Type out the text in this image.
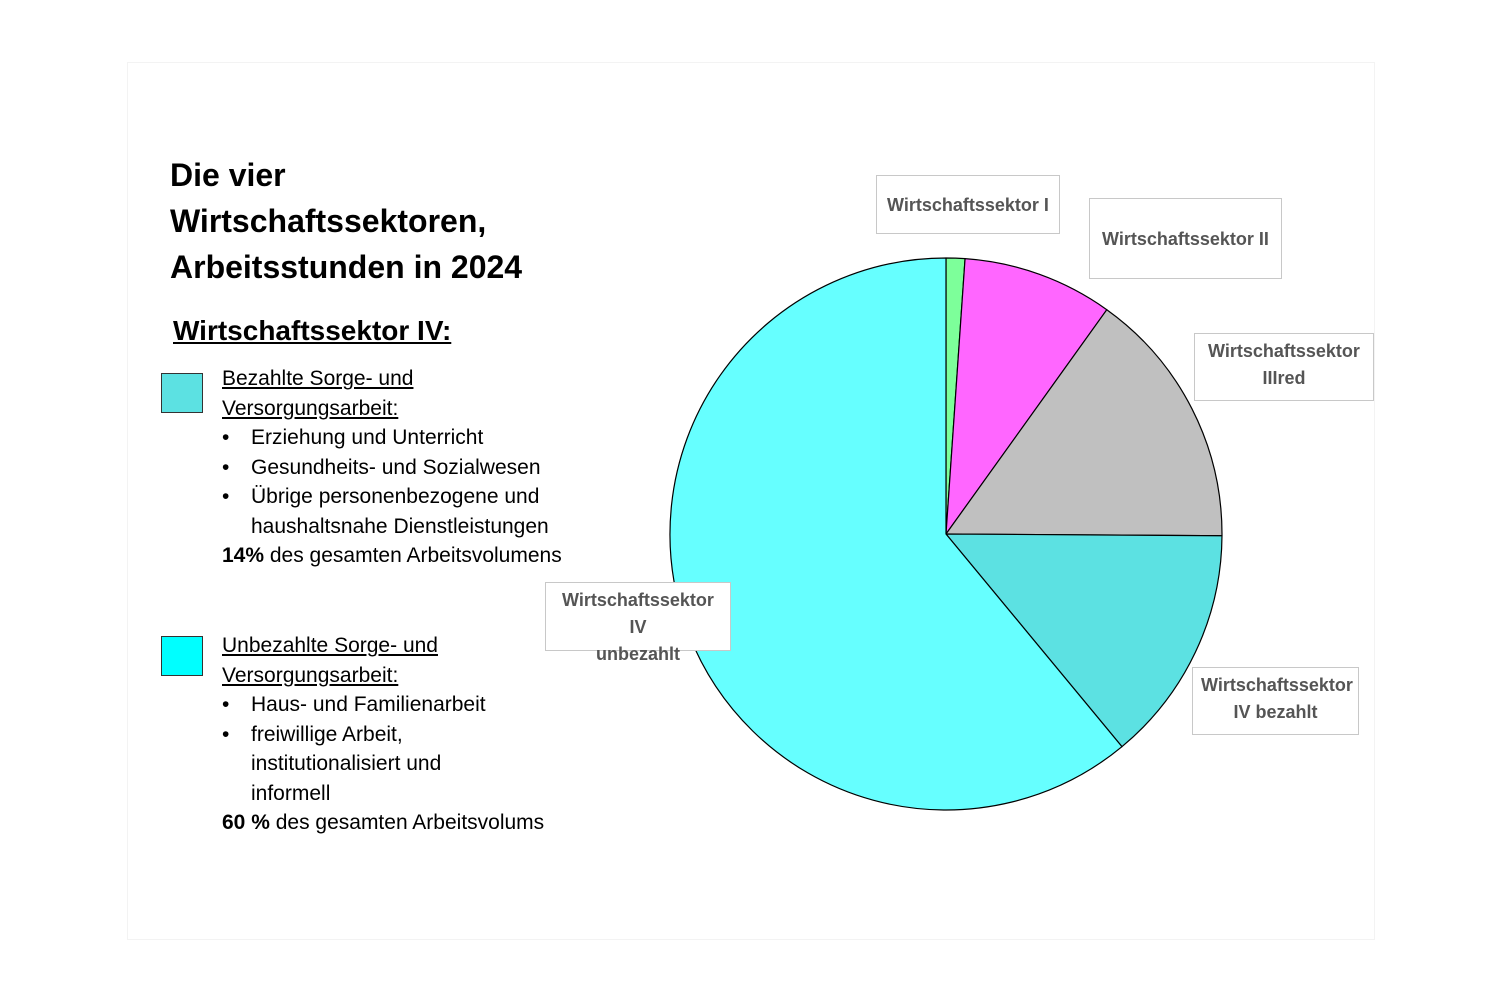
Die vier
Wirtschaftssektoren,
Arbeitsstunden in 2024
Wirtschaftssektor IV:
Bezahlte Sorge- und
Versorgungsarbeit:
• Erziehung und Unterricht
• Gesundheits- und Sozialwesen
• Übrige personenbezogene und
haushaltsnahe Dienstleistungen
14% des gesamten Arbeitsvolumens
Unbezahlte Sorge- und
Versorgungsarbeit:
• Haus- und Familienarbeit
• freiwillige Arbeit,
institutionalisiert und
informell
60 % des gesamten Arbeitsvolums
Wirtschaftssektor I
Wirtschaftssektor II
Wirtschaftssektor
IIIred
Wirtschaftssektor
IV bezahlt
Wirtschaftssektor IV
unbezahlt
